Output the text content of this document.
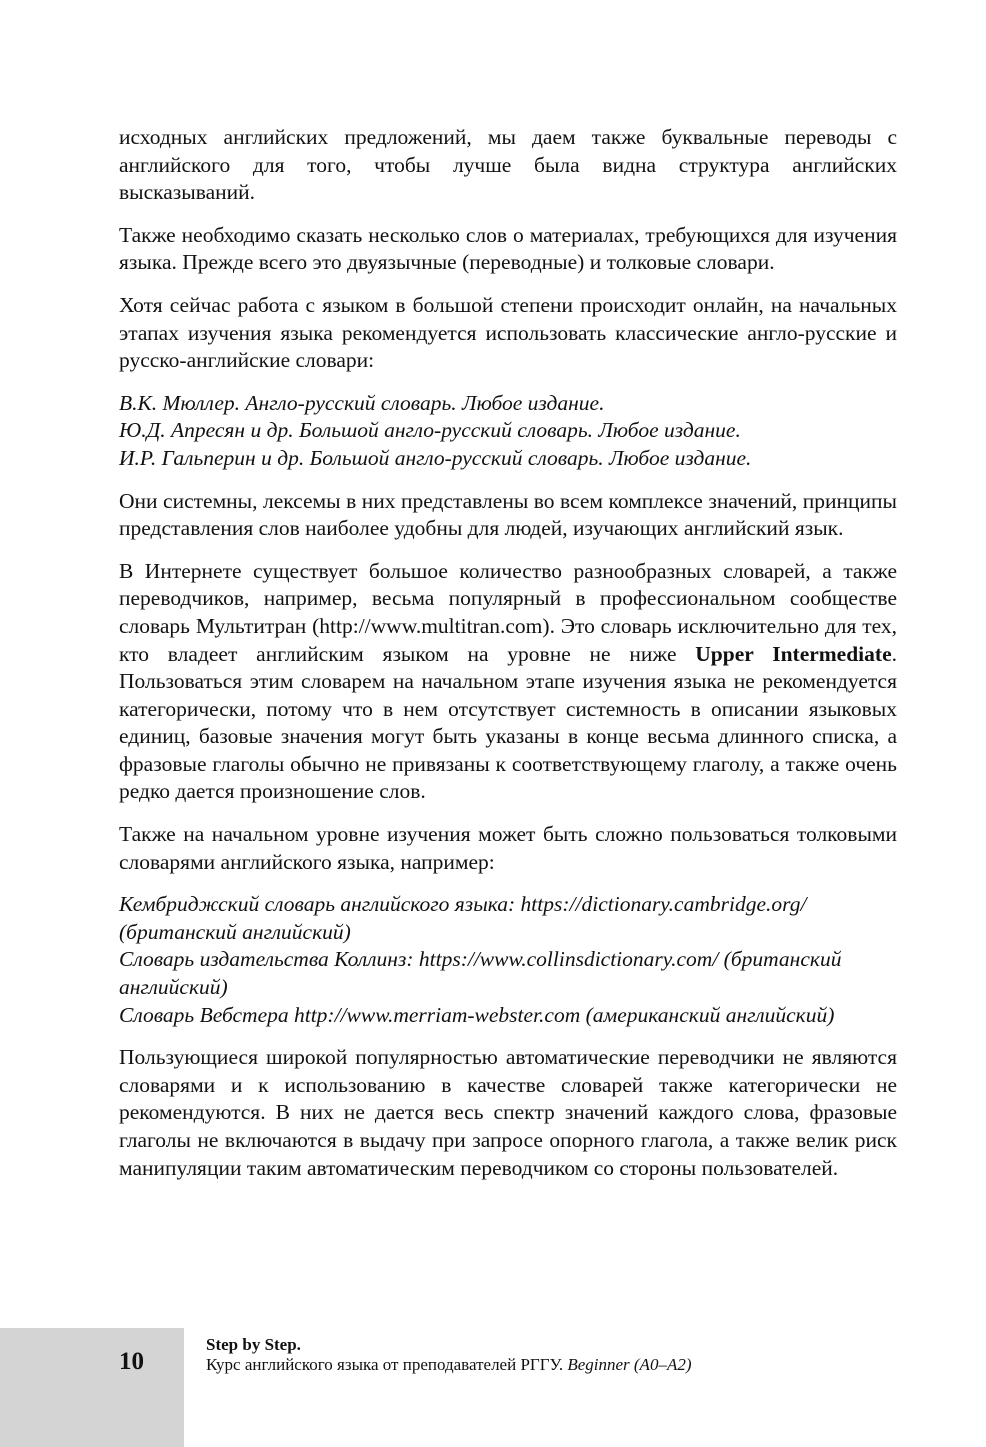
исходных английских предложений, мы даем также буквальные переводы с английского для того, чтобы лучше была видна структура английских высказываний.

Также необходимо сказать несколько слов о материалах, требующихся для изучения языка. Прежде всего это двуязычные (переводные) и толковые словари.

Хотя сейчас работа с языком в большой степени происходит онлайн, на начальных этапах изучения языка рекомендуется использовать классические англо-русские и русско-английские словари:

В.К. Мюллер. Англо-русский словарь. Любое издание.
Ю.Д. Апресян и др. Большой англо-русский словарь. Любое издание.
И.Р. Гальперин и др. Большой англо-русский словарь. Любое издание.

Они системны, лексемы в них представлены во всем комплексе значений, принципы представления слов наиболее удобны для людей, изучающих английский язык.

В Интернете существует большое количество разнообразных словарей, а также переводчиков, например, весьма популярный в профессиональном сообществе словарь Мультитран (http://www.multitran.com). Это словарь исключительно для тех, кто владеет английским языком на уровне не ниже Upper Intermediate. Пользоваться этим словарем на начальном этапе изучения языка не рекомендуется категорически, потому что в нем отсутствует системность в описании языковых единиц, базовые значения могут быть указаны в конце весьма длинного списка, а фразовые глаголы обычно не привязаны к соответствующему глаголу, а также очень редко дается произношение слов.

Также на начальном уровне изучения может быть сложно пользоваться толковыми словарями английского языка, например:

Кембриджский словарь английского языка: https://dictionary.cambridge.org/ (британский английский)
Словарь издательства Коллинз: https://www.collinsdictionary.com/ (британский английский)
Словарь Вебстера http://www.merriam-webster.com (американский английский)

Пользующиеся широкой популярностью автоматические переводчики не являются словарями и к использованию в качестве словарей также категорически не рекомендуются. В них не дается весь спектр значений каждого слова, фразовые глаголы не включаются в выдачу при запросе опорного глагола, а также велик риск манипуляции таким автоматическим переводчиком со стороны пользователей.

10
Step by Step.
Курс английского языка от преподавателей РГГУ. Beginner (A0–A2)
